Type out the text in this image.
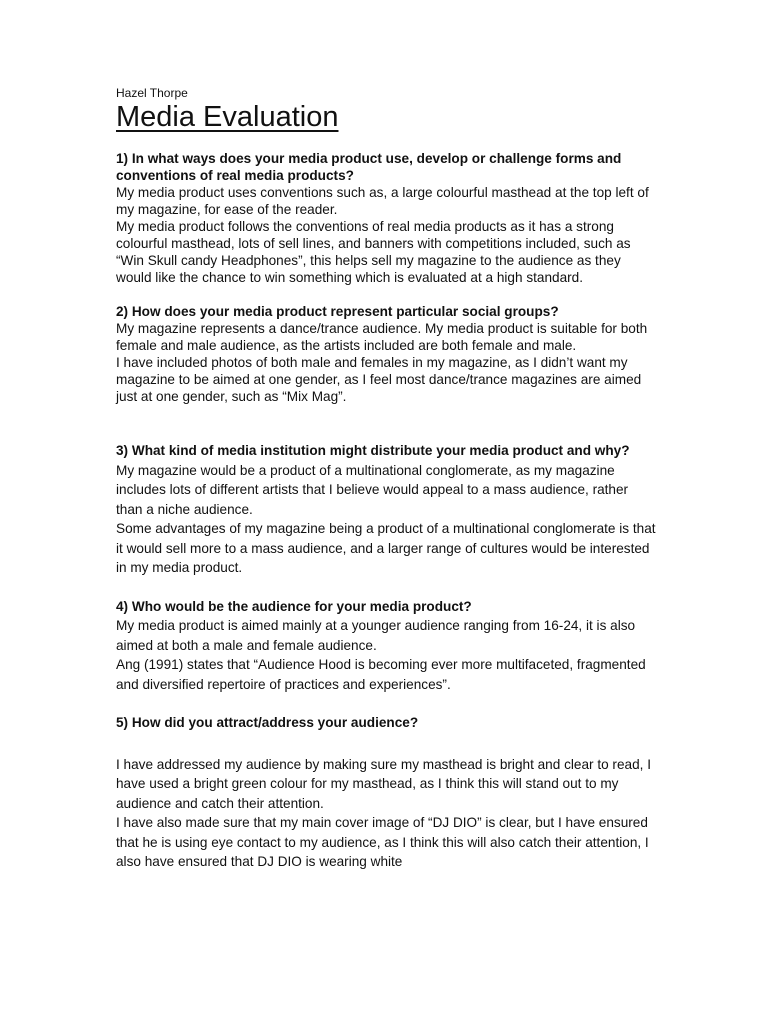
Hazel Thorpe

Media Evaluation

1) In what ways does your media product use, develop or challenge forms and conventions of real media products?

My media product uses conventions such as, a large colourful masthead at the top left of my magazine, for ease of the reader.

My media product follows the conventions of real media products as it has a strong colourful masthead, lots of sell lines, and banners with competitions included, such as “Win Skull candy Headphones”, this helps sell my magazine to the audience as they would like the chance to win something which is evaluated at a high standard.

2) How does your media product represent particular social groups?

My magazine represents a dance/trance audience. My media product is suitable for both female and male audience, as the artists included are both female and male.

I have included photos of both male and females in my magazine, as I didn’t want my magazine to be aimed at one gender, as I feel most dance/trance magazines are aimed just at one gender, such as “Mix Mag”.

3) What kind of media institution might distribute your media product and why?

My magazine would be a product of a multinational conglomerate, as my magazine includes lots of different artists that I believe would appeal to a mass audience, rather than a niche audience.

Some advantages of my magazine being a product of a multinational conglomerate is that it would sell more to a mass audience, and a larger range of cultures would be interested in my media product.

4) Who would be the audience for your media product?

My media product is aimed mainly at a younger audience ranging from 16-24, it is also aimed at both a male and female audience.

Ang (1991) states that “Audience Hood is becoming ever more multifaceted, fragmented and diversified repertoire of practices and experiences”.

5) How did you attract/address your audience?

I have addressed my audience by making sure my masthead is bright and clear to read, I have used a bright green colour for my masthead, as I think this will stand out to my audience and catch their attention.

I have also made sure that my main cover image of “DJ DIO” is clear, but I have ensured that he is using eye contact to my audience, as I think this will also catch their attention, I also have ensured that DJ DIO is wearing white
